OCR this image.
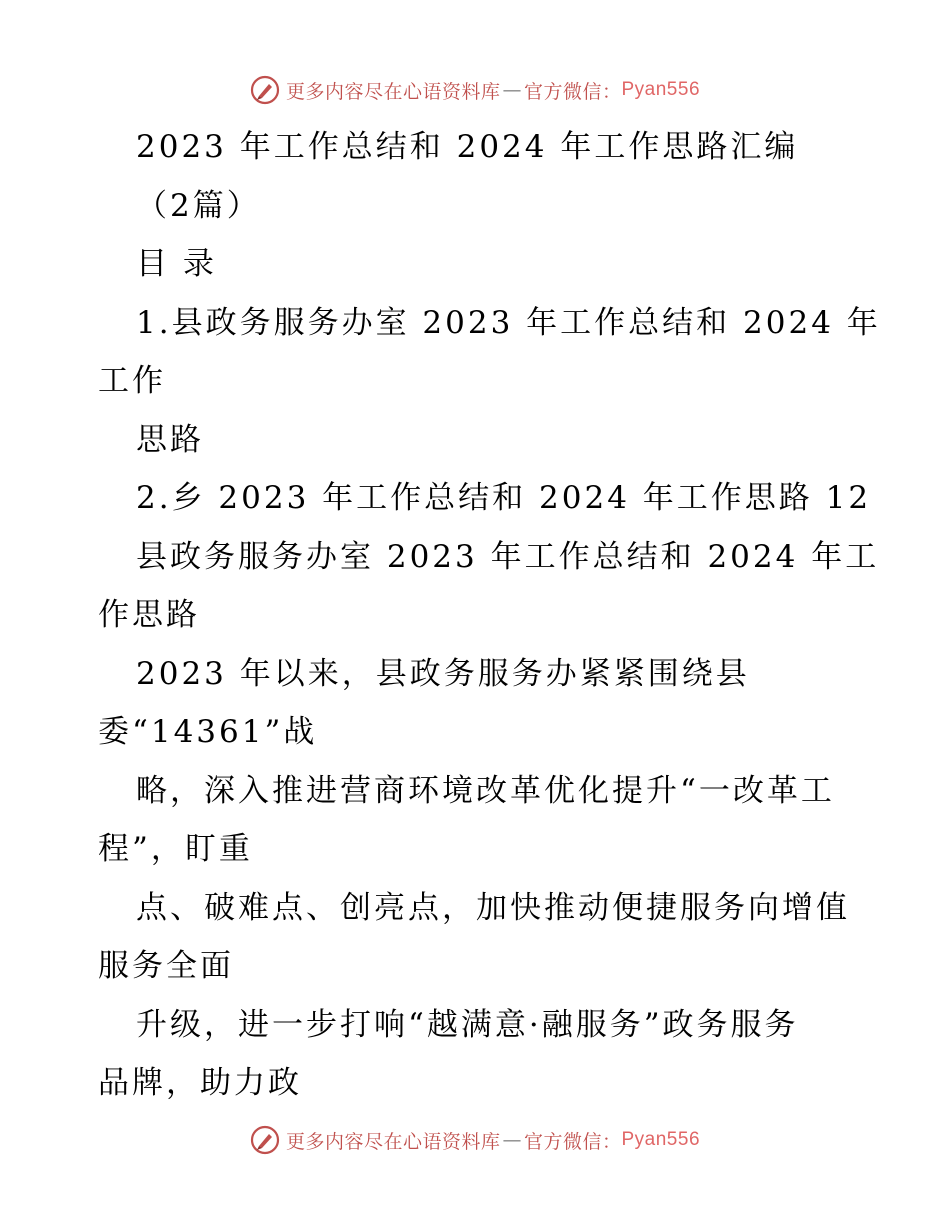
更多内容尽在心语资料库 — 官方微信： Pyan556
2023 年工作总结和 2024 年工作思路汇编
（2篇）
目 录
1.县政务服务办室 2023 年工作总结和 2024 年
工作
思路
2.乡 2023 年工作总结和 2024 年工作思路 12
县政务服务办室 2023 年工作总结和 2024 年工
作思路
2023 年以来，县政务服务办紧紧围绕县
委“14361”战
略，深入推进营商环境改革优化提升“一改革工
程”，盯重
点、破难点、创亮点，加快推动便捷服务向增值
服务全面
升级，进一步打响“越满意·融服务”政务服务
品牌，助力政
更多内容尽在心语资料库 — 官方微信： Pyan556
